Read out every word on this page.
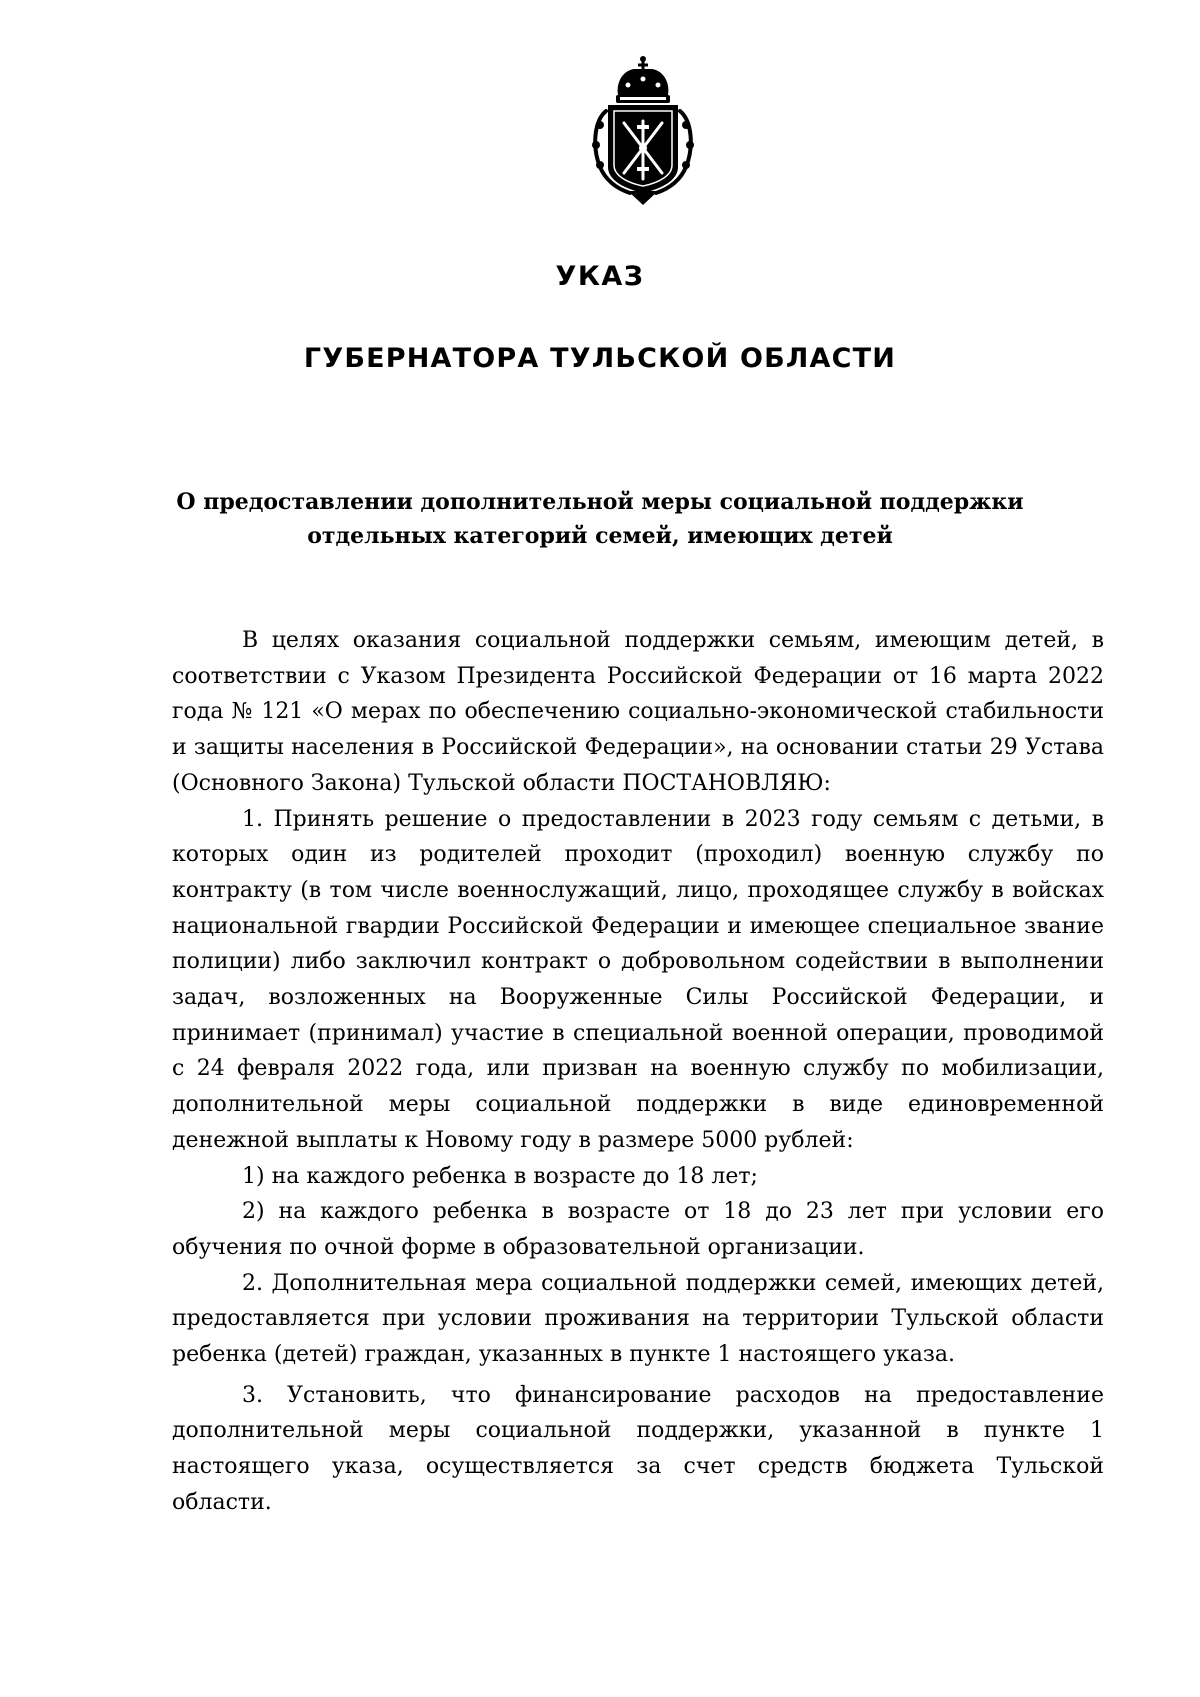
УКАЗ
ГУБЕРНАТОРА ТУЛЬСКОЙ ОБЛАСТИ
О предоставлении дополнительной меры социальной поддержки
отдельных категорий семей, имеющих детей

В целях оказания социальной поддержки семьям, имеющим детей, в соответствии с Указом Президента Российской Федерации от 16 марта 2022 года № 121 «О мерах по обеспечению социально-экономической стабильности и защиты населения в Российской Федерации», на основании статьи 29 Устава (Основного Закона) Тульской области ПОСТАНОВЛЯЮ:

1. Принять решение о предоставлении в 2023 году семьям с детьми, в которых один из родителей проходит (проходил) военную службу по контракту (в том числе военнослужащий, лицо, проходящее службу в войсках национальной гвардии Российской Федерации и имеющее специальное звание полиции) либо заключил контракт о добровольном содействии в выполнении задач, возложенных на Вооруженные Силы Российской Федерации, и принимает (принимал) участие в специальной военной операции, проводимой с 24 февраля 2022 года, или призван на военную службу по мобилизации, дополнительной меры социальной поддержки в виде единовременной денежной выплаты к Новому году в размере 5000 рублей:

1) на каждого ребенка в возрасте до 18 лет;

2) на каждого ребенка в возрасте от 18 до 23 лет при условии его обучения по очной форме в образовательной организации.

2. Дополнительная мера социальной поддержки семей, имеющих детей, предоставляется при условии проживания на территории Тульской области ребенка (детей) граждан, указанных в пункте 1 настоящего указа.

3. Установить, что финансирование расходов на предоставление дополнительной меры социальной поддержки, указанной в пункте 1 настоящего указа, осуществляется за счет средств бюджета Тульской области.
